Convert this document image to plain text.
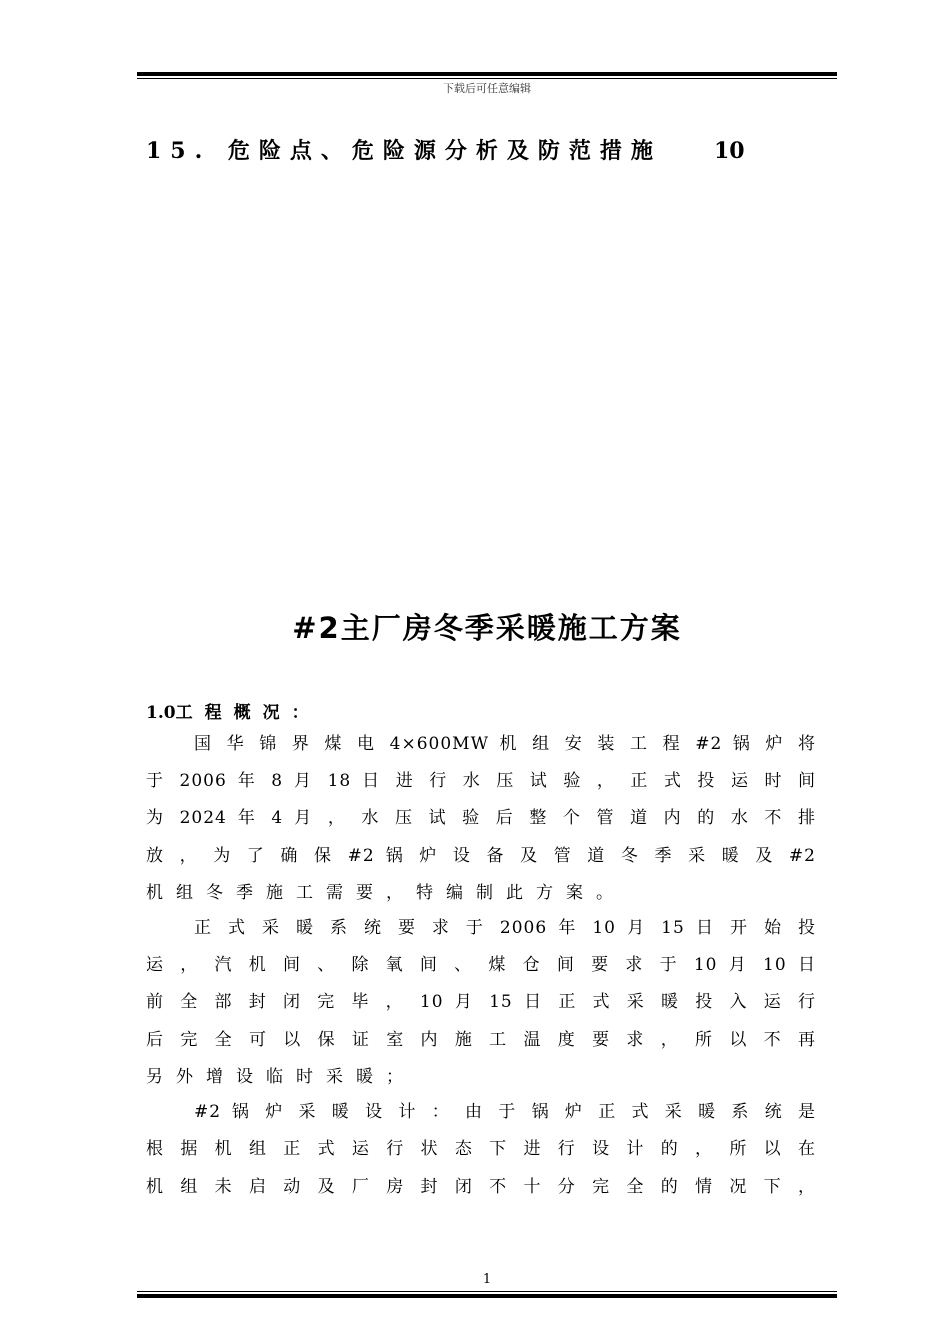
下载后可任意编辑
15. 危险点、危险源分析及防范措施 10
#2主厂房冬季采暖施工方案
1.0工程概况：
国 华 锦 界 煤 电 4×600MW 机 组 安 装 工 程 #2 锅 炉 将
于 2006 年 8 月 18 日 进 行 水 压 试 验 ， 正 式 投 运 时 间
为 2024 年 4 月 ， 水 压 试 验 后 整 个 管 道 内 的 水 不 排
放 ， 为 了 确 保 #2 锅 炉 设 备 及 管 道 冬 季 采 暖 及 #2
机组冬季施工需要，特编制此方案。
正 式 采 暖 系 统 要 求 于 2006 年 10 月 15 日 开 始 投
运 ， 汽 机 间 、 除 氧 间 、 煤 仓 间 要 求 于 10 月 10 日
前 全 部 封 闭 完 毕 ， 10 月 15 日 正 式 采 暖 投 入 运 行
后 完 全 可 以 保 证 室 内 施 工 温 度 要 求 ， 所 以 不 再
另外增设临时采暖；
#2 锅 炉 采 暖 设 计 ： 由 于 锅 炉 正 式 采 暖 系 统 是
根 据 机 组 正 式 运 行 状 态 下 进 行 设 计 的 ， 所 以 在
机 组 未 启 动 及 厂 房 封 闭 不 十 分 完 全 的 情 况 下 ，
1
